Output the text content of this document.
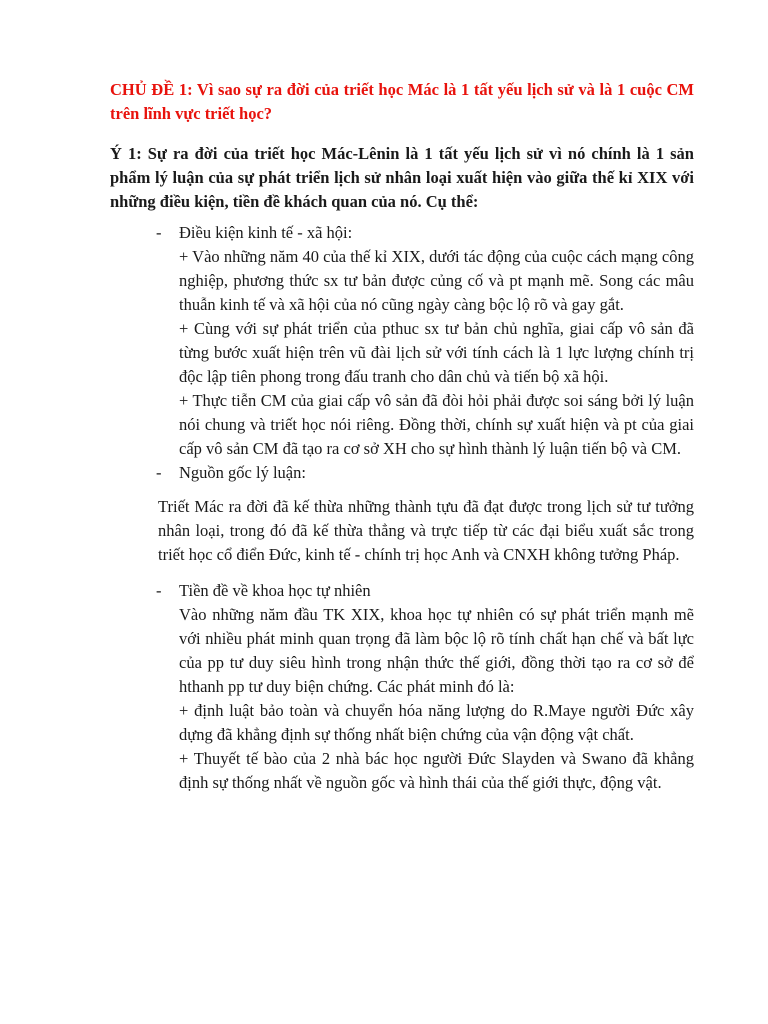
CHỦ ĐỀ 1: Vì sao sự ra đời của triết học Mác là 1 tất yếu lịch sử và là 1 cuộc CM trên lĩnh vực triết học?

Ý 1: Sự ra đời của triết học Mác-Lênin là 1 tất yếu lịch sử vì nó chính là 1 sản phẩm lý luận của sự phát triển lịch sử nhân loại xuất hiện vào giữa thế kỉ XIX với những điều kiện, tiền đề khách quan của nó. Cụ thể:

- Điều kiện kinh tế - xã hội:

+ Vào những năm 40 của thế kỉ XIX, dưới tác động của cuộc cách mạng công nghiệp, phương thức sx tư bản được củng cố và pt mạnh mẽ. Song các mâu thuẫn kinh tế và xã hội của nó cũng ngày càng bộc lộ rõ và gay gắt.

+ Cùng với sự phát triển của pthuc sx tư bản chủ nghĩa, giai cấp vô sản đã từng bước xuất hiện trên vũ đài lịch sử với tính cách là 1 lực lượng chính trị độc lập tiên phong trong đấu tranh cho dân chủ và tiến bộ xã hội.

+ Thực tiễn CM của giai cấp vô sản đã đòi hỏi phải được soi sáng bởi lý luận nói chung và triết học nói riêng. Đồng thời, chính sự xuất hiện và pt của giai cấp vô sản CM đã tạo ra cơ sở XH cho sự hình thành lý luận tiến bộ và CM.

- Nguồn gốc lý luận:

Triết Mác ra đời đã kế thừa những thành tựu đã đạt được trong lịch sử tư tưởng nhân loại, trong đó đã kế thừa thẳng và trực tiếp từ các đại biểu xuất sắc trong triết học cổ điển Đức, kinh tế - chính trị học Anh và CNXH không tưởng Pháp.

- Tiền đề về khoa học tự nhiên

Vào những năm đầu TK XIX, khoa học tự nhiên có sự phát triển mạnh mẽ với nhiều phát minh quan trọng đã làm bộc lộ rõ tính chất hạn chế và bất lực của pp tư duy siêu hình trong nhận thức thế giới, đồng thời tạo ra cơ sở để hthanh pp tư duy biện chứng. Các phát minh đó là:

+ định luật bảo toàn và chuyển hóa năng lượng do R.Maye người Đức xây dựng đã khẳng định sự thống nhất biện chứng của vận động vật chất.

+ Thuyết tế bào của 2 nhà bác học người Đức Slayden và Swano đã khẳng định sự thống nhất về nguồn gốc và hình thái của thế giới thực, động vật.
